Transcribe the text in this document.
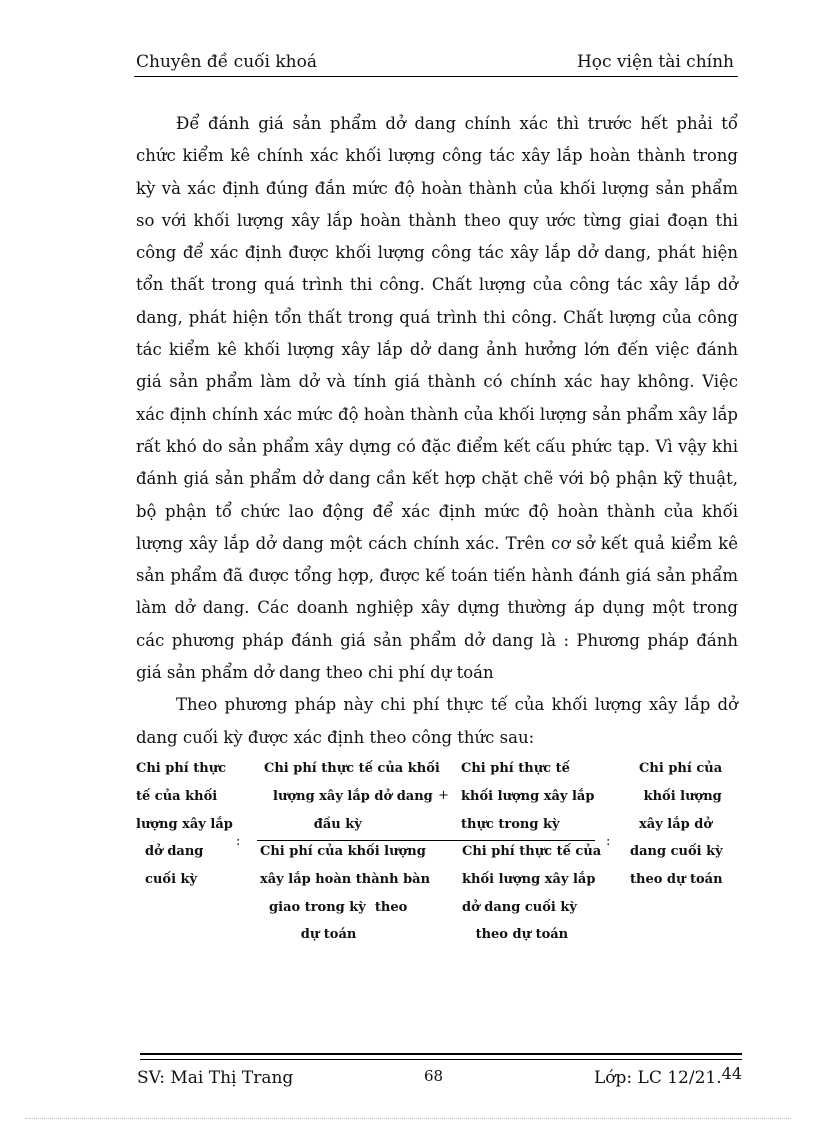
Chuyên đề cuối khoá	Học viện tài chính

Để đánh giá sản phẩm dở dang chính xác thì trước hết phải tổ chức kiểm kê chính xác khối lượng công tác xây lắp hoàn thành trong kỳ và xác định đúng đắn mức độ hoàn thành của khối lượng sản phẩm so với khối lượng xây lắp hoàn thành theo quy ước từng giai đoạn thi công để xác định được khối lượng công tác xây lắp dở dang, phát hiện tổn thất trong quá trình thi công. Chất lượng của công tác xây lắp dở dang, phát hiện tổn thất trong quá trình thi công. Chất lượng của công tác kiểm kê khối lượng xây lắp dở dang ảnh hưởng lớn đến việc đánh giá sản phẩm làm dở và tính giá thành có chính xác hay không. Việc xác định chính xác mức độ hoàn thành của khối lượng sản phẩm xây lắp rất khó do sản phẩm xây dựng có đặc điểm kết cấu phức tạp. Vì vậy khi đánh giá sản phẩm dở dang cần kết hợp chặt chẽ với bộ phận kỹ thuật, bộ phận tổ chức lao động để xác định mức độ hoàn thành của khối lượng xây lắp dở dang một cách chính xác. Trên cơ sở kết quả kiểm kê sản phẩm đã được tổng hợp, được kế toán tiến hành đánh giá sản phẩm làm dở dang. Các doanh nghiệp xây dựng thường áp dụng một trong các phương pháp đánh giá sản phẩm dở dang là : Phương pháp đánh giá sản phẩm dở dang theo chi phí dự toán

Theo phương pháp này chi phí thực tế của khối lượng xây lắp dở dang cuối kỳ được xác định theo công thức sau:

Chi phí thực
tế của khối
lượng xây lắp
dở dang
cuối kỳ
:
Chi phí thực tế của khối
lượng xây lắp dở dang
đầu kỳ
+
Chi phí thực tế
khối lượng xây lắp
thực trong kỳ
Chi phí của khối lượng
xây lắp hoàn thành bàn
giao trong kỳ  theo
dự toán
Chi phí thực tế của
khối lượng xây lắp
dở dang cuối kỳ
theo dự toán
:
Chi phí của
khối lượng
xây lắp dở
dang cuối kỳ
theo dự toán
SV: Mai Thị Trang	68	Lớp: LC 12/21.44
